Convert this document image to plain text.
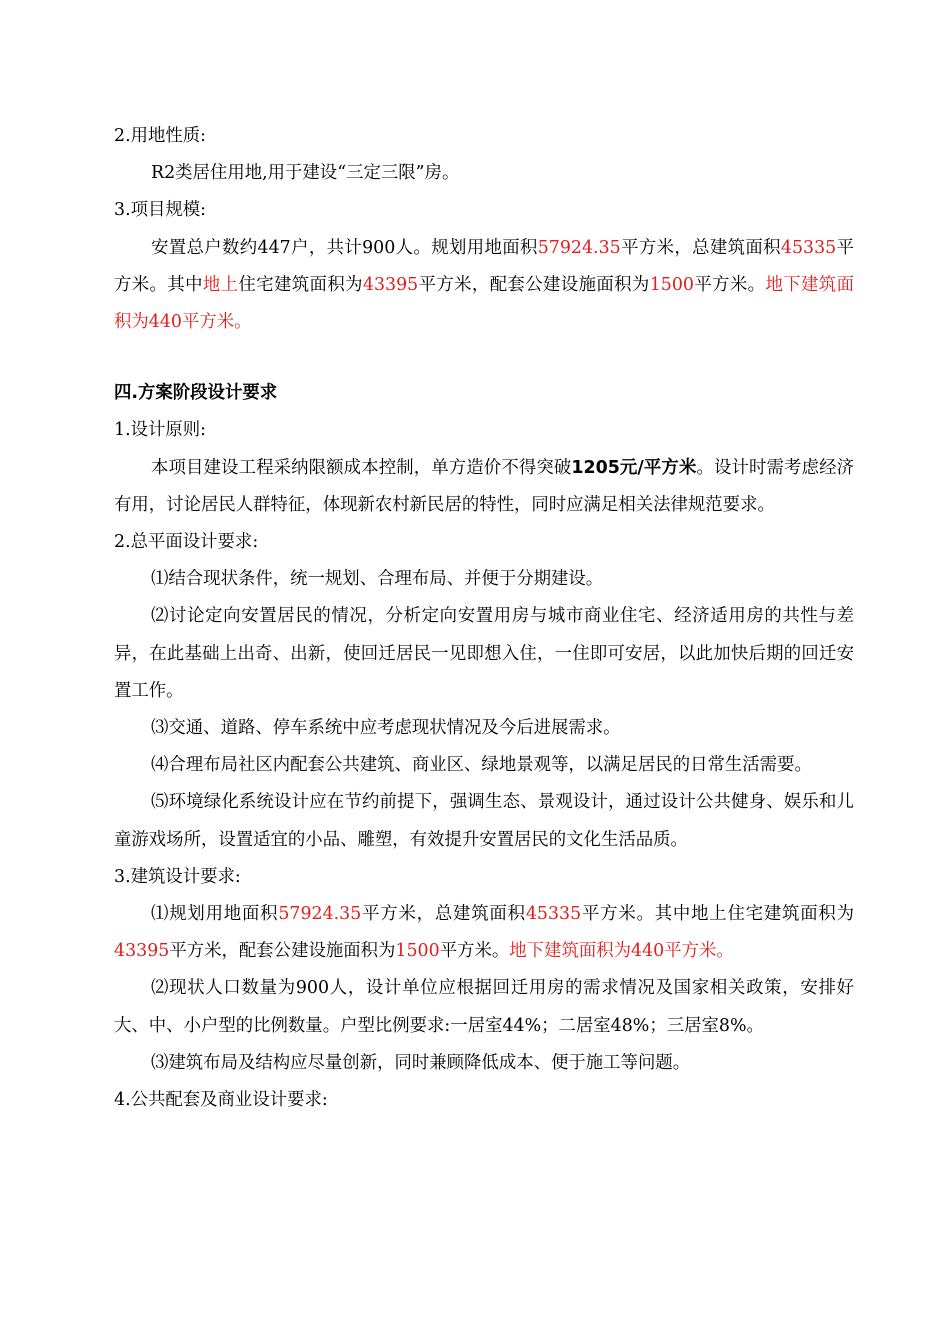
2.用地性质:

R2类居住用地,用于建设“三定三限”房。

3.项目规模:

安置总户数约447户，共计900人。规划用地面积57924.35平方米，总建筑面积45335平方米。其中地上住宅建筑面积为43395平方米，配套公建设施面积为1500平方米。地下建筑面积为440平方米。

四.方案阶段设计要求

1.设计原则:

本项目建设工程采纳限额成本控制，单方造价不得突破1205元/平方米。设计时需考虑经济有用，讨论居民人群特征，体现新农村新民居的特性，同时应满足相关法律规范要求。

2.总平面设计要求:

⑴结合现状条件，统一规划、合理布局、并便于分期建设。

⑵讨论定向安置居民的情况，分析定向安置用房与城市商业住宅、经济适用房的共性与差异，在此基础上出奇、出新，使回迁居民一见即想入住，一住即可安居，以此加快后期的回迁安置工作。

⑶交通、道路、停车系统中应考虑现状情况及今后进展需求。

⑷合理布局社区内配套公共建筑、商业区、绿地景观等，以满足居民的日常生活需要。

⑸环境绿化系统设计应在节约前提下，强调生态、景观设计，通过设计公共健身、娱乐和儿童游戏场所，设置适宜的小品、雕塑，有效提升安置居民的文化生活品质。

3.建筑设计要求:

⑴规划用地面积57924.35平方米，总建筑面积45335平方米。其中地上住宅建筑面积为43395平方米，配套公建设施面积为1500平方米。地下建筑面积为440平方米。

⑵现状人口数量为900人，设计单位应根据回迁用房的需求情况及国家相关政策，安排好大、中、小户型的比例数量。户型比例要求:一居室44%；二居室48%；三居室8%。

⑶建筑布局及结构应尽量创新，同时兼顾降低成本、便于施工等问题。

4.公共配套及商业设计要求:
